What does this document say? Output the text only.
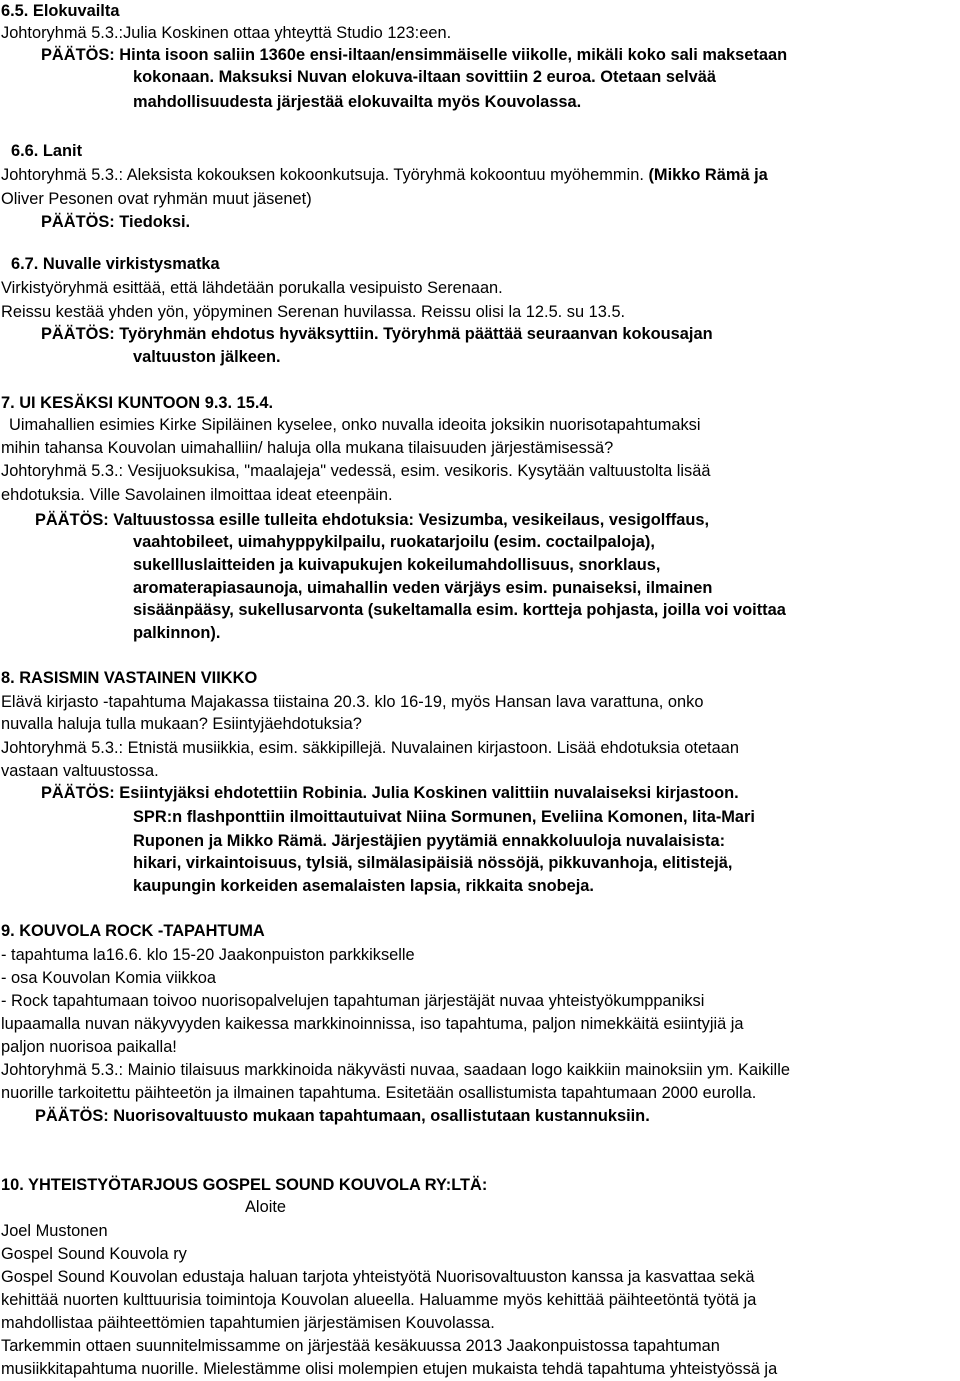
6.5. Elokuvailta
Johtoryhmä 5.3.:Julia Koskinen ottaa yhteyttä Studio 123:een.
PÄÄTÖS: Hinta isoon saliin 1360e ensi-iltaan/ensimmäiselle viikolle, mikäli koko sali maksetaan
kokonaan. Maksuksi Nuvan elokuva-iltaan sovittiin 2 euroa. Otetaan selvää
mahdollisuudesta järjestää elokuvailta myös Kouvolassa.
6.6. Lanit
Johtoryhmä 5.3.: Aleksista kokouksen kokoonkutsuja. Työryhmä kokoontuu myöhemmin. (Mikko Rämä ja
Oliver Pesonen ovat ryhmän muut jäsenet)
PÄÄTÖS: Tiedoksi.
6.7. Nuvalle virkistysmatka
Virkistyöryhmä esittää, että lähdetään porukalla vesipuisto Serenaan.
Reissu kestää yhden yön, yöpyminen Serenan huvilassa. Reissu olisi la 12.5. su 13.5.
PÄÄTÖS: Työryhmän ehdotus hyväksyttiin. Työryhmä päättää seuraanvan kokousajan
valtuuston jälkeen.
7. UI KESÄKSI KUNTOON 9.3. 15.4.
Uimahallien esimies Kirke Sipiläinen kyselee, onko nuvalla ideoita joksikin nuorisotapahtumaksi
mihin tahansa Kouvolan uimahalliin/ haluja olla mukana tilaisuuden järjestämisessä?
Johtoryhmä 5.3.: Vesijuoksukisa, "maalajeja" vedessä, esim. vesikoris. Kysytään valtuustolta lisää
ehdotuksia. Ville Savolainen ilmoittaa ideat eteenpäin.
PÄÄTÖS: Valtuustossa esille tulleita ehdotuksia: Vesizumba, vesikeilaus, vesigolffaus,
vaahtobileet, uimahyppykilpailu, ruokatarjoilu (esim. coctailpaloja),
sukellluslaitteiden ja kuivapukujen kokeilumahdollisuus, snorklaus,
aromaterapiasaunoja, uimahallin veden värjäys esim. punaiseksi, ilmainen
sisäänpääsy, sukellusarvonta (sukeltamalla esim. kortteja pohjasta, joilla voi voittaa
palkinnon).
8. RASISMIN VASTAINEN VIIKKO
Elävä kirjasto -tapahtuma Majakassa tiistaina 20.3. klo 16-19, myös Hansan lava varattuna, onko
nuvalla haluja tulla mukaan? Esiintyjäehdotuksia?
Johtoryhmä 5.3.: Etnistä musiikkia, esim. säkkipillejä. Nuvalainen kirjastoon. Lisää ehdotuksia otetaan
vastaan valtuustossa.
PÄÄTÖS: Esiintyjäksi ehdotettiin Robinia. Julia Koskinen valittiin nuvalaiseksi kirjastoon.
SPR:n flashponttiin ilmoittautuivat Niina Sormunen, Eveliina Komonen, Iita-Mari
Ruponen ja Mikko Rämä. Järjestäjien pyytämiä ennakkoluuloja nuvalaisista:
hikari, virkaintoisuus, tylsiä, silmälasipäisiä nössöjä, pikkuvanhoja, elitistejä,
kaupungin korkeiden asemalaisten lapsia, rikkaita snobeja.
9. KOUVOLA ROCK -TAPAHTUMA
- tapahtuma la16.6. klo 15-20 Jaakonpuiston parkkikselle
- osa Kouvolan Komia viikkoa
- Rock tapahtumaan toivoo nuorisopalvelujen tapahtuman järjestäjät nuvaa yhteistyökumppaniksi
lupaamalla nuvan näkyvyyden kaikessa markkinoinnissa, iso tapahtuma, paljon nimekkäitä esiintyjiä ja
paljon nuorisoa paikalla!
Johtoryhmä 5.3.: Mainio tilaisuus markkinoida näkyvästi nuvaa, saadaan logo kaikkiin mainoksiin ym. Kaikille
nuorille tarkoitettu päihteetön ja ilmainen tapahtuma. Esitetään osallistumista tapahtumaan 2000 eurolla.
PÄÄTÖS: Nuorisovaltuusto mukaan tapahtumaan, osallistutaan kustannuksiin.
10. YHTEISTYÖTARJOUS GOSPEL SOUND KOUVOLA RY:LTÄ:
Aloite
Joel Mustonen
Gospel Sound Kouvola ry
Gospel Sound Kouvolan edustaja haluan tarjota yhteistyötä Nuorisovaltuuston kanssa ja kasvattaa sekä
kehittää nuorten kulttuurisia toimintoja Kouvolan alueella. Haluamme myös kehittää päihteetöntä työtä ja
mahdollistaa päihteettömien tapahtumien järjestämisen Kouvolassa.
Tarkemmin ottaen suunnitelmissamme on järjestää kesäkuussa 2013 Jaakonpuistossa tapahtuman
musiikkitapahtuma nuorille. Mielestämme olisi molempien etujen mukaista tehdä tapahtuma yhteistyössä ja
